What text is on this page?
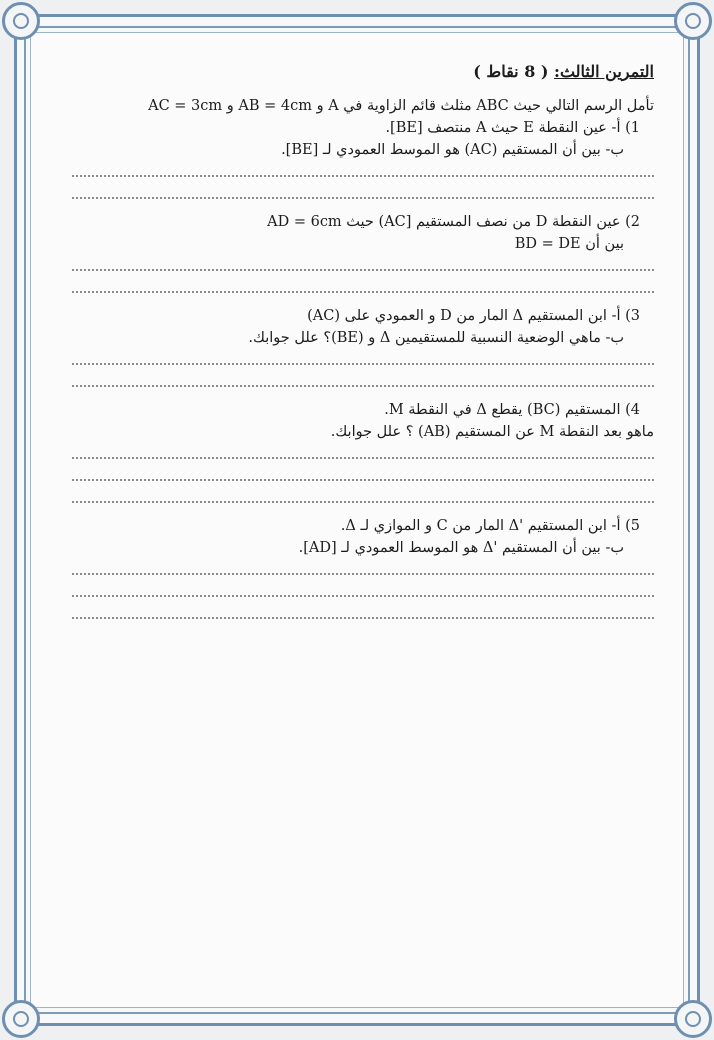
التمرين الثالث: ( 8 نقاط )

تأمل الرسم التالي حيث ABC مثلث قائم الزاوية في A و AB = 4cm و AC = 3cm

1) أ- عين النقطة E حيث A منتصف [BE].

ب- بين أن المستقيم (AC) هو الموسط العمودي لـ [BE].

2) عين النقطة D من نصف المستقيم [AC) حيث AD = 6cm

بين أن BD = DE

3) أ- ابن المستقيم Δ المار من D و العمودي على (AC)

ب- ماهي الوضعية النسبية للمستقيمين Δ و (BE)؟ علل جوابك.

4) المستقيم (BC) يقطع Δ في النقطة M.

ماهو بعد النقطة M عن المستقيم (AB) ؟ علل جوابك.

5) أ- ابن المستقيم 'Δ المار من C و الموازي لـ Δ.

ب- بين أن المستقيم 'Δ هو الموسط العمودي لـ [AD].
